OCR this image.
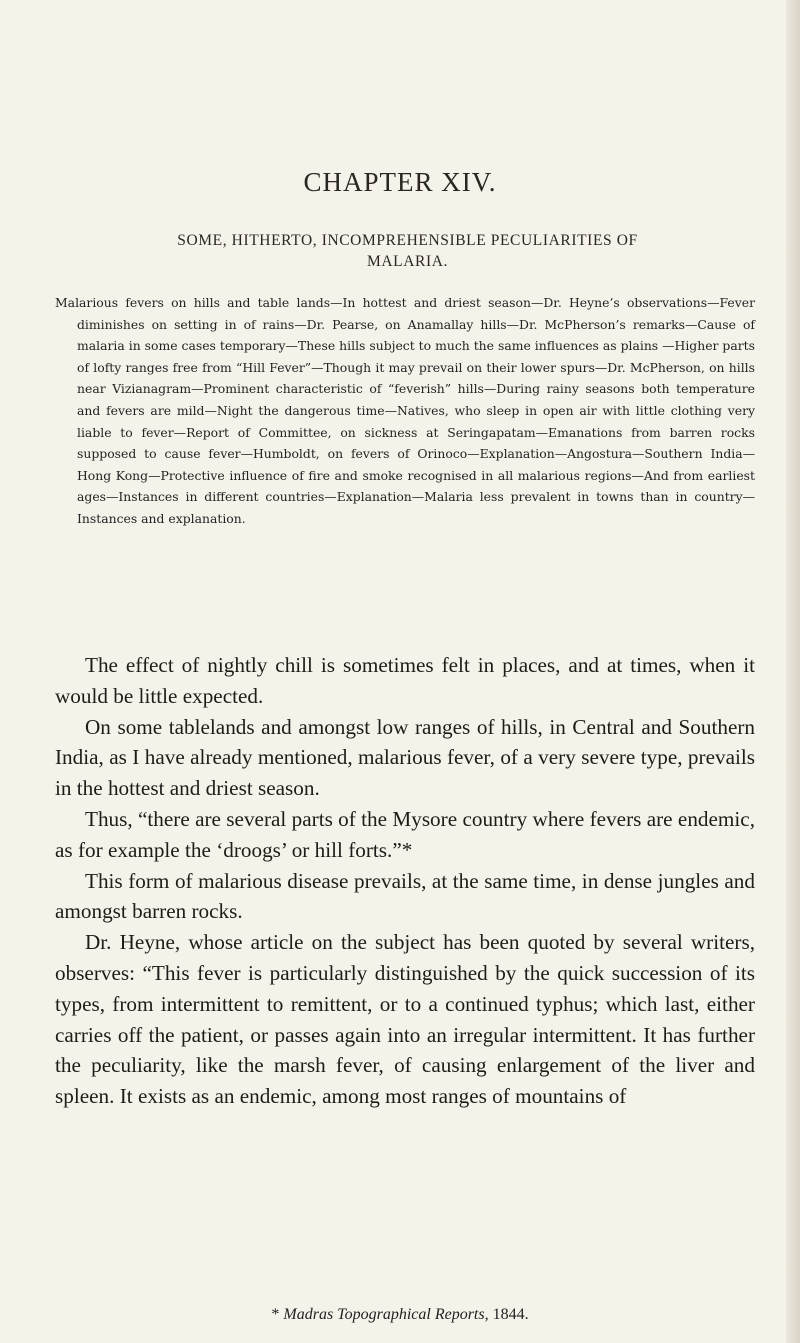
CHAPTER XIV.
SOME, HITHERTO, INCOMPREHENSIBLE PECULIARITIES OF MALARIA.

Malarious fevers on hills and table lands—In hottest and driest season—Dr. Heyne’s observations—Fever diminishes on setting in of rains—Dr. Pearse, on Anamallay hills—Dr. McPherson’s remarks—Cause of malaria in some cases temporary—These hills subject to much the same influences as plains —Higher parts of lofty ranges free from “Hill Fever”—Though it may prevail on their lower spurs—Dr. McPherson, on hills near Vizianagram—Prominent characteristic of “feverish” hills—During rainy seasons both temperature and fevers are mild—Night the dangerous time—Natives, who sleep in open air with little clothing very liable to fever—Report of Committee, on sickness at Seringapatam—Emanations from barren rocks supposed to cause fever—Humboldt, on fevers of Orinoco—Explanation—Angostura—Southern India—Hong Kong—Protective influence of fire and smoke recognised in all malarious regions—And from earliest ages—Instances in different countries—Explanation—Malaria less prevalent in towns than in country— Instances and explanation.

The effect of nightly chill is sometimes felt in places, and at times, when it would be little expected.

On some tablelands and amongst low ranges of hills, in Central and Southern India, as I have already mentioned, malarious fever, of a very severe type, prevails in the hottest and driest season.

Thus, “there are several parts of the Mysore country where fevers are endemic, as for example the ‘droogs’ or hill forts.”*

This form of malarious disease prevails, at the same time, in dense jungles and amongst barren rocks.

Dr. Heyne, whose article on the subject has been quoted by several writers, observes: “This fever is particularly distinguished by the quick succession of its types, from intermittent to remittent, or to a continued typhus; which last, either carries off the patient, or passes again into an irregular intermittent. It has further the peculiarity, like the marsh fever, of causing enlargement of the liver and spleen. It exists as an endemic, among most ranges of mountains of

* Madras Topographical Reports, 1844.
